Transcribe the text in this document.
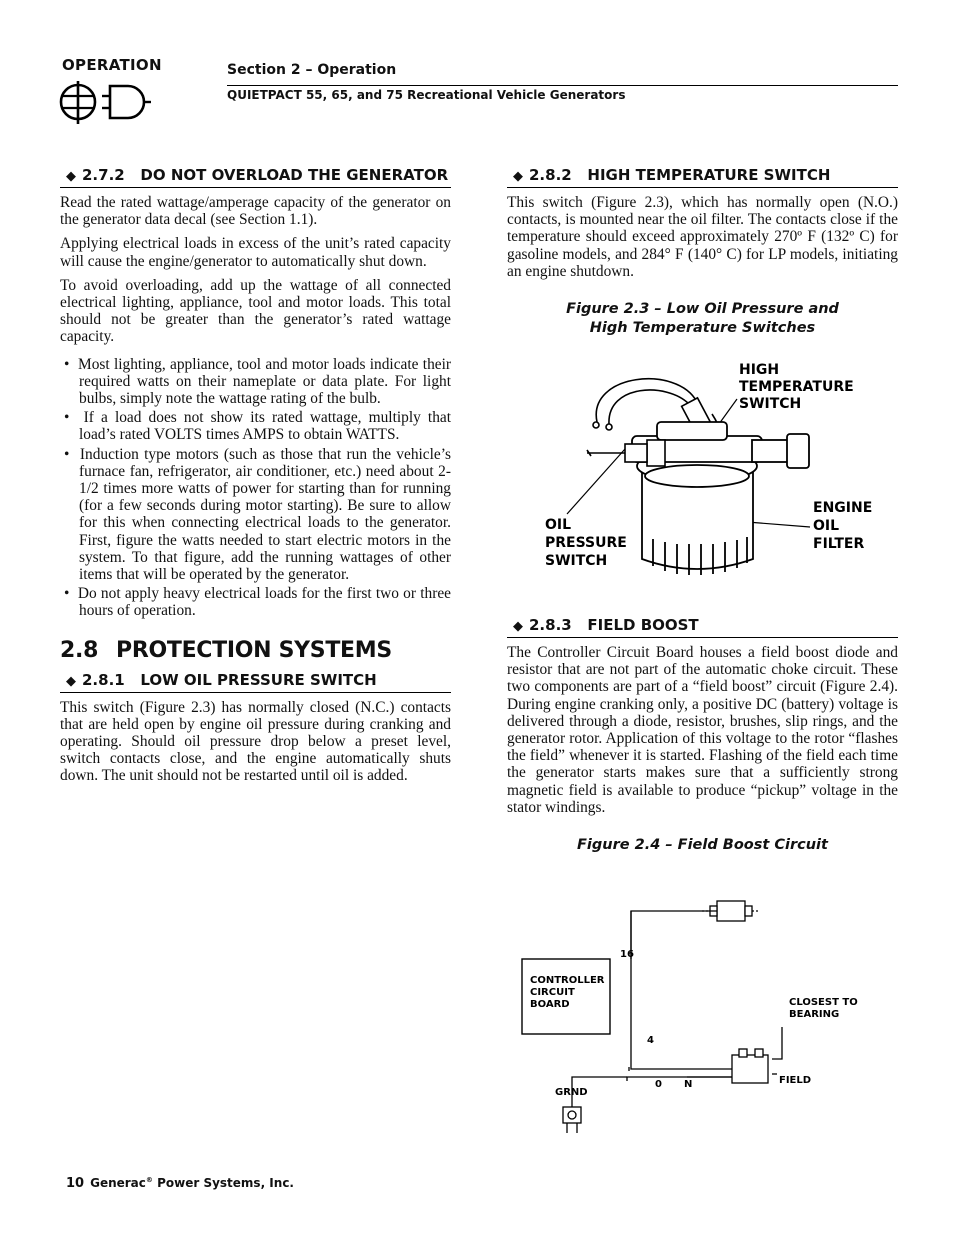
OPERATION	Section 2 – Operation
QUIETPACT 55, 65, and 75 Recreational Vehicle Generators
◆ 2.7.2 DO NOT OVERLOAD THE GENERATOR

Read the rated wattage/amperage capacity of the generator on the generator data decal (see Section 1.1).

Applying electrical loads in excess of the unit’s rated capacity will cause the engine/generator to automatically shut down.

To avoid overloading, add up the wattage of all connected electrical lighting, appliance, tool and motor loads. This total should not be greater than the generator’s rated wattage capacity.

•  Most lighting, appliance, tool and motor loads indicate their required watts on their nameplate or data plate. For light bulbs, simply note the wattage rating of the bulb.

•  If a load does not show its rated wattage, multiply that load’s rated VOLTS times AMPS to obtain WATTS.

•  Induction type motors (such as those that run the vehicle’s furnace fan, refrigerator, air conditioner, etc.) need about 2-1/2 times more watts of power for starting than for running (for a few seconds during motor starting). Be sure to allow for this when connecting electrical loads to the generator. First, figure the watts needed to start electric motors in the system. To that figure, add the running wattages of other items that will be operated by the generator.

•  Do not apply heavy electrical loads for the first two or three hours of operation.

2.8 PROTECTION SYSTEMS
◆ 2.8.1 LOW OIL PRESSURE SWITCH

This switch (Figure 2.3) has normally closed (N.C.) contacts that are held open by engine oil pressure during cranking and operating. Should oil pressure drop below a preset level, switch contacts close, and the engine automatically shuts down. The unit should not be restarted until oil is added.

◆ 2.8.2 HIGH TEMPERATURE SWITCH

This switch (Figure 2.3), which has normally open (N.O.) contacts, is mounted near the oil filter. The contacts close if the temperature should exceed approximately 270º F (132º C) for gasoline models, and 284° F (140° C) for LP models, initiating an engine shutdown.

Figure 2.3 – Low Oil Pressure and
High Temperature Switches
HIGH
TEMPERATURE
SWITCH
ENGINE
OIL
FILTER
OIL
PRESSURE
SWITCH
◆ 2.8.3 FIELD BOOST

The Controller Circuit Board houses a field boost diode and resistor that are not part of the automatic choke circuit. These two components are part of a “field boost” circuit (Figure 2.4). During engine cranking only, a positive DC (battery) voltage is delivered through a diode, resistor, brushes, slip rings, and the generator rotor. Application of this voltage to the rotor “flashes the field” whenever it is started. Flashing of the field each time the generator starts makes sure that a sufficiently strong magnetic field is available to produce “pickup” voltage in the stator windings.

Figure 2.4 – Field Boost Circuit
CONTROLLER
CIRCUIT
BOARD
16
4
0 N
GRND
FIELD
CLOSEST TO
BEARING
10 Generac® Power Systems, Inc.
